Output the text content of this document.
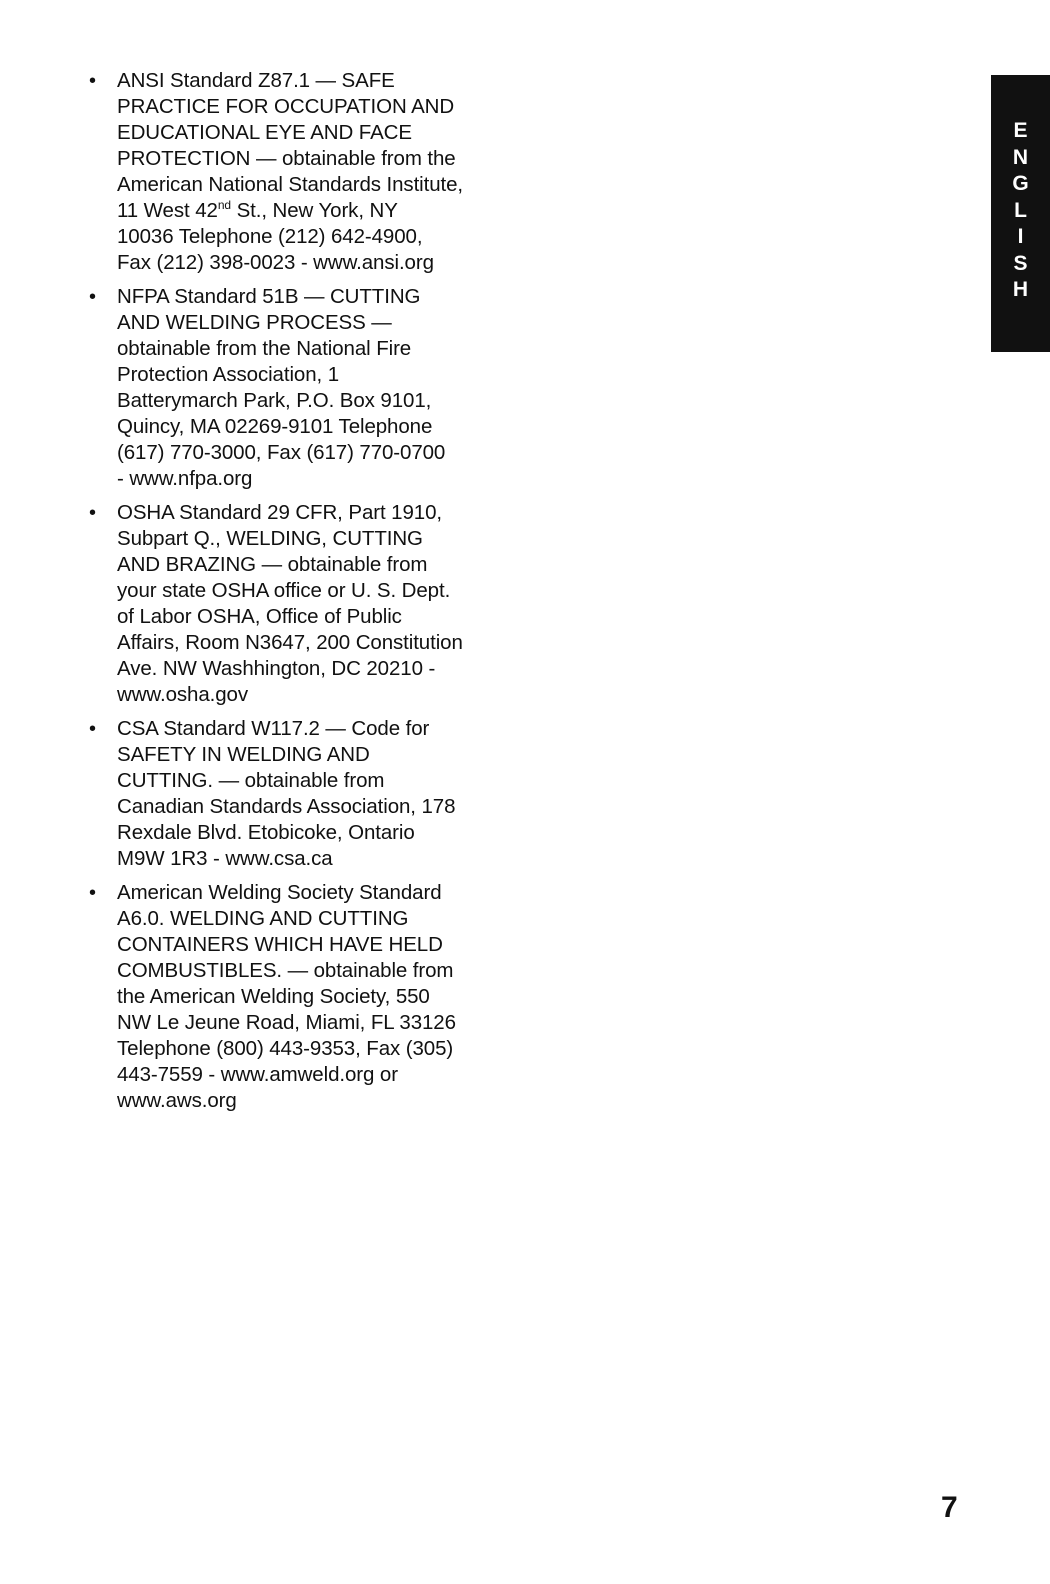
• ANSI Standard Z87.1 — SAFE
PRACTICE FOR OCCUPATION AND
EDUCATIONAL EYE AND FACE
PROTECTION — obtainable from the
American National Standards Institute,
11 West 42nd St., New York, NY
10036 Telephone (212) 642-4900,
Fax (212) 398-0023 - www.ansi.org
• NFPA Standard 51B — CUTTING
AND WELDING PROCESS —
obtainable from the National Fire
Protection Association, 1
Batterymarch Park, P.O. Box 9101,
Quincy, MA 02269-9101 Telephone
(617) 770-3000, Fax (617) 770-0700
- www.nfpa.org
• OSHA Standard 29 CFR, Part 1910,
Subpart Q., WELDING, CUTTING
AND BRAZING — obtainable from
your state OSHA office or U. S. Dept.
of Labor OSHA, Office of Public
Affairs, Room N3647, 200 Constitution
Ave. NW Washhington, DC 20210 -
www.osha.gov
• CSA Standard W117.2 — Code for
SAFETY IN WELDING AND
CUTTING. — obtainable from
Canadian Standards Association, 178
Rexdale Blvd. Etobicoke, Ontario
M9W 1R3 - www.csa.ca
• American Welding Society Standard
A6.0. WELDING AND CUTTING
CONTAINERS WHICH HAVE HELD
COMBUSTIBLES. — obtainable from
the American Welding Society, 550
NW Le Jeune Road, Miami, FL 33126
Telephone (800) 443-9353, Fax (305)
443-7559 - www.amweld.org or
www.aws.org
E
N
G
L
I
S
H
7
